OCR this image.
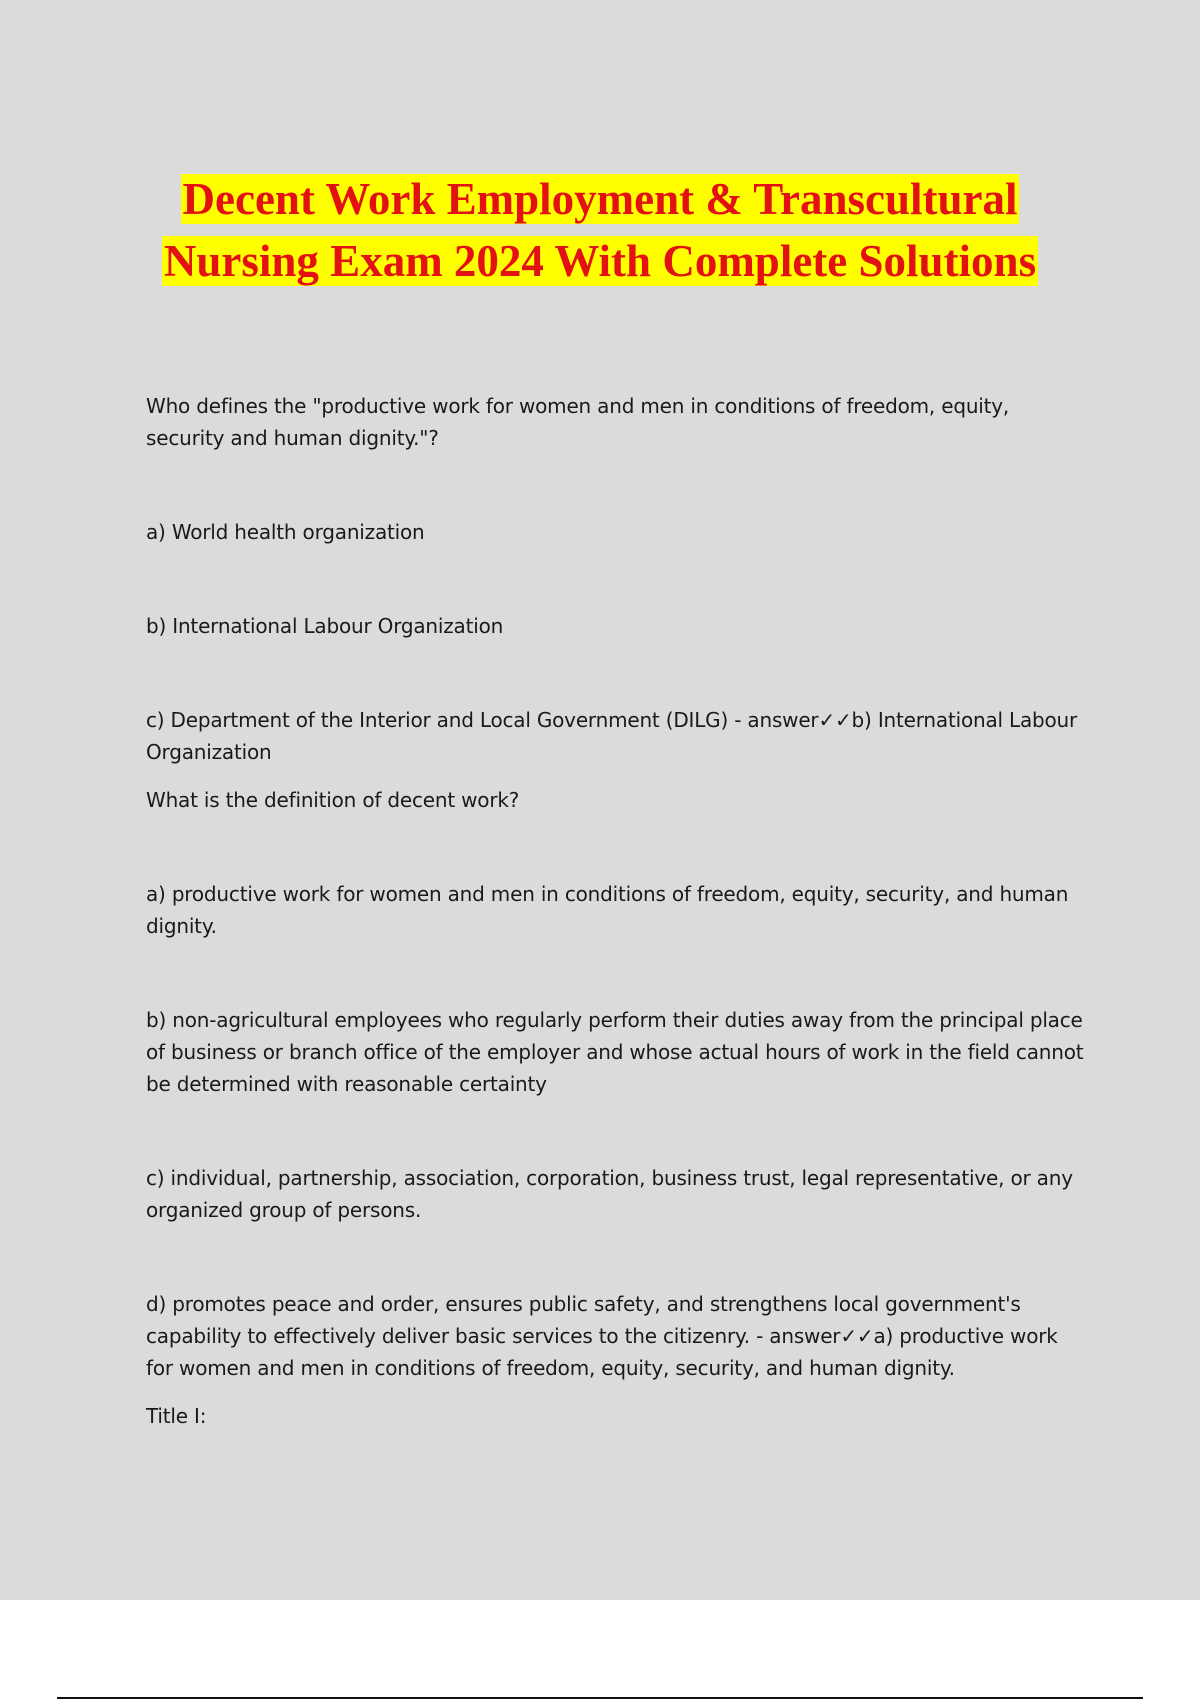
Decent Work Employment & Transcultural
Nursing Exam 2024 With Complete Solutions

Who defines the "productive work for women and men in conditions of freedom, equity, security and human dignity."?

a) World health organization

b) International Labour Organization

c) Department of the Interior and Local Government (DILG) - answer✓✓b) International Labour Organization

What is the definition of decent work?

a) productive work for women and men in conditions of freedom, equity, security, and human dignity.

b) non-agricultural employees who regularly perform their duties away from the principal place of business or branch office of the employer and whose actual hours of work in the field cannot be determined with reasonable certainty

c) individual, partnership, association, corporation, business trust, legal representative, or any organized group of persons.

d) promotes peace and order, ensures public safety, and strengthens local government's capability to effectively deliver basic services to the citizenry. - answer✓✓a) productive work for women and men in conditions of freedom, equity, security, and human dignity.

Title I:
